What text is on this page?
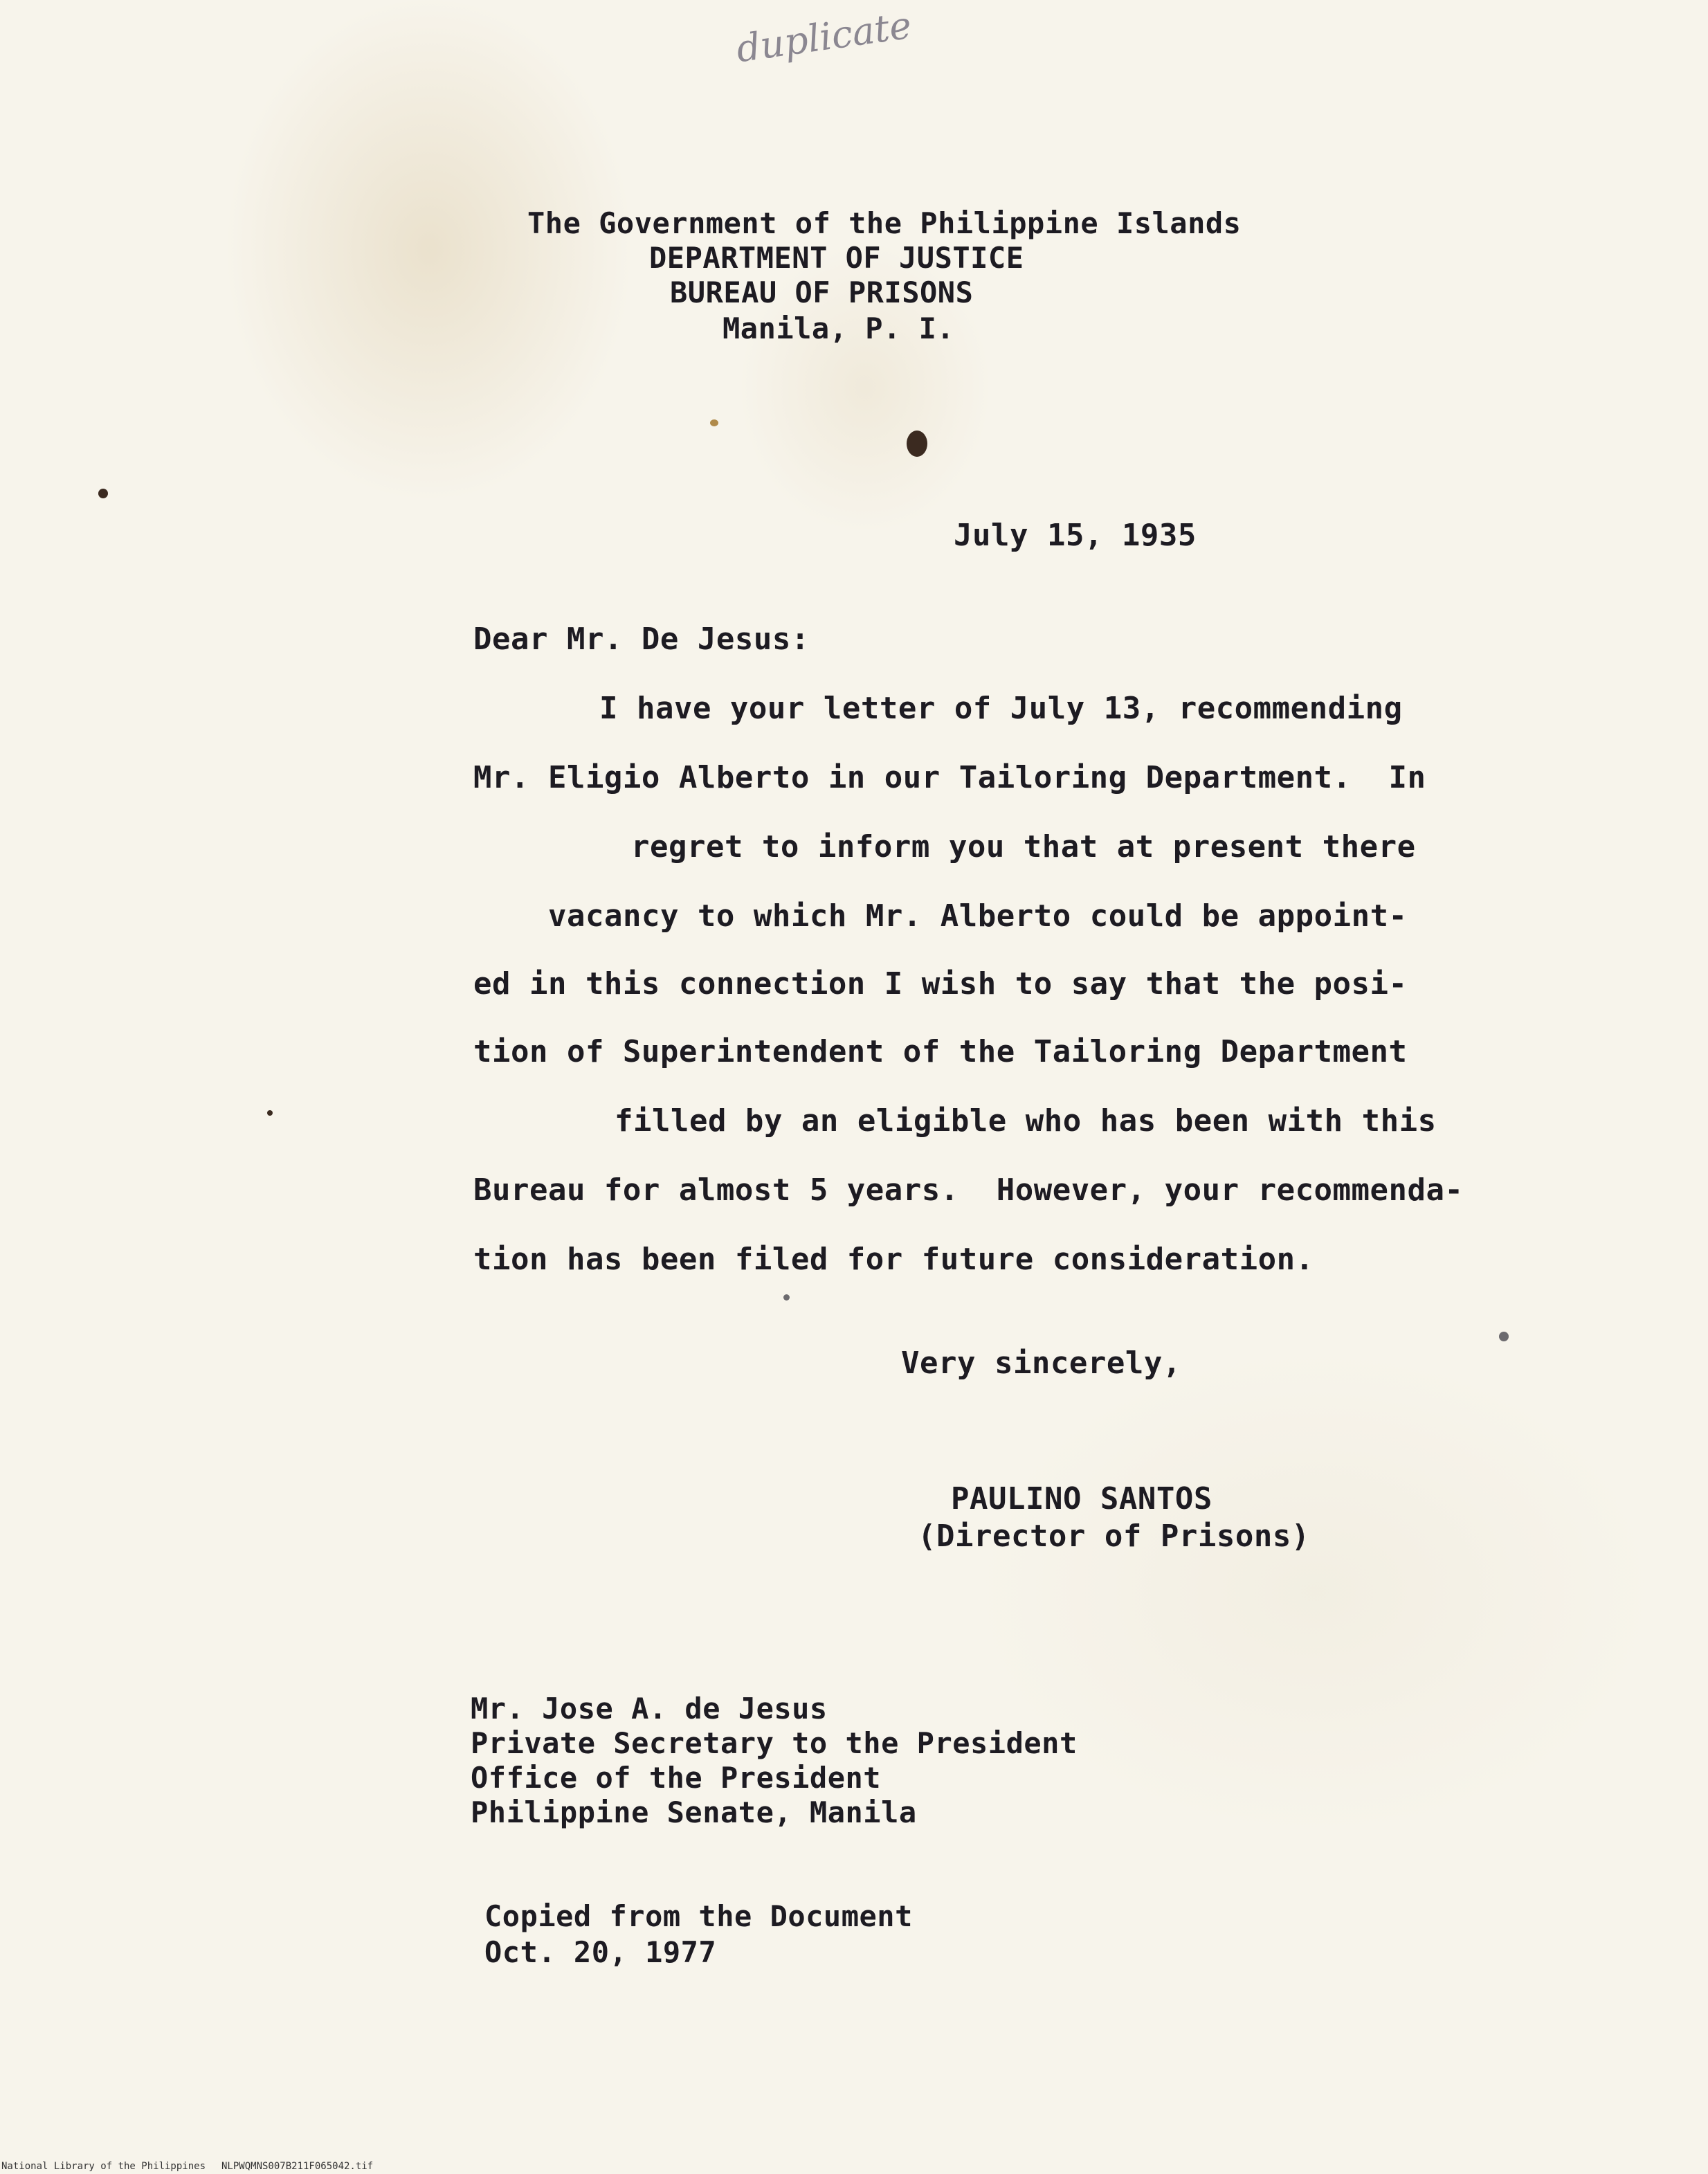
duplicate
The Government of the Philippine Islands
DEPARTMENT OF JUSTICE
BUREAU OF PRISONS
Manila, P. I.
July 15, 1935
Dear Mr. De Jesus:
I have your letter of July 13, recommending
Mr. Eligio Alberto in our Tailoring Department.  In
regret to inform you that at present there
vacancy to which Mr. Alberto could be appoint-
ed in this connection I wish to say that the posi-
tion of Superintendent of the Tailoring Department
filled by an eligible who has been with this
Bureau for almost 5 years.  However, your recommenda-
tion has been filed for future consideration.
Very sincerely,
PAULINO SANTOS
(Director of Prisons)
Mr. Jose A. de Jesus
Private Secretary to the President
Office of the President
Philippine Senate, Manila
Copied from the Document
Oct. 20, 1977
National Library of the Philippines NLPWQMNS007B211F065042.tif
